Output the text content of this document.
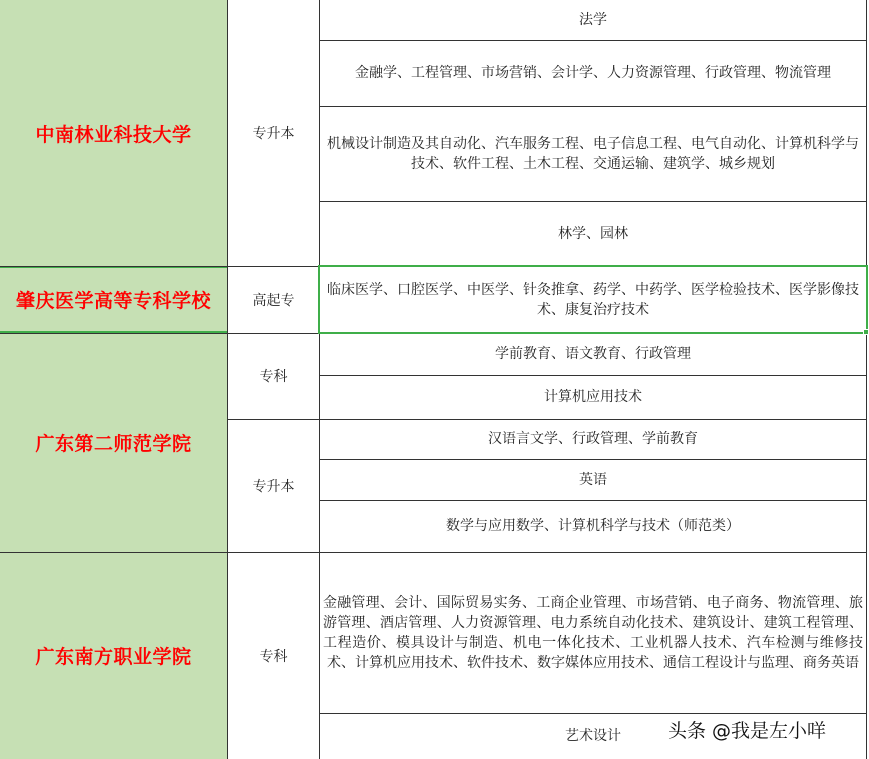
中南林业科技大学
肇庆医学高等专科学校
广东第二师范学院
广东南方职业学院
专升本
高起专
专科
专升本
专科
法学
金融学、工程管理、市场营销、会计学、人力资源管理、行政管理、物流管理
机械设计制造及其自动化、汽车服务工程、电子信息工程、电气自动化、计算机科学与技术、软件工程、土木工程、交通运输、建筑学、城乡规划
林学、园林
临床医学、口腔医学、中医学、针灸推拿、药学、中药学、医学检验技术、医学影像技术、康复治疗技术
学前教育、语文教育、行政管理
计算机应用技术
汉语言文学、行政管理、学前教育
英语
数学与应用数学、计算机科学与技术（师范类）
金融管理、会计、国际贸易实务、工商企业管理、市场营销、电子商务、物流管理、旅游管理、酒店管理、人力资源管理、电力系统自动化技术、建筑设计、建筑工程管理、工程造价、模具设计与制造、机电一体化技术、工业机器人技术、汽车检测与维修技术、计算机应用技术、软件技术、数字媒体应用技术、通信工程设计与监理、商务英语
艺术设计 头条 @我是左小咩
